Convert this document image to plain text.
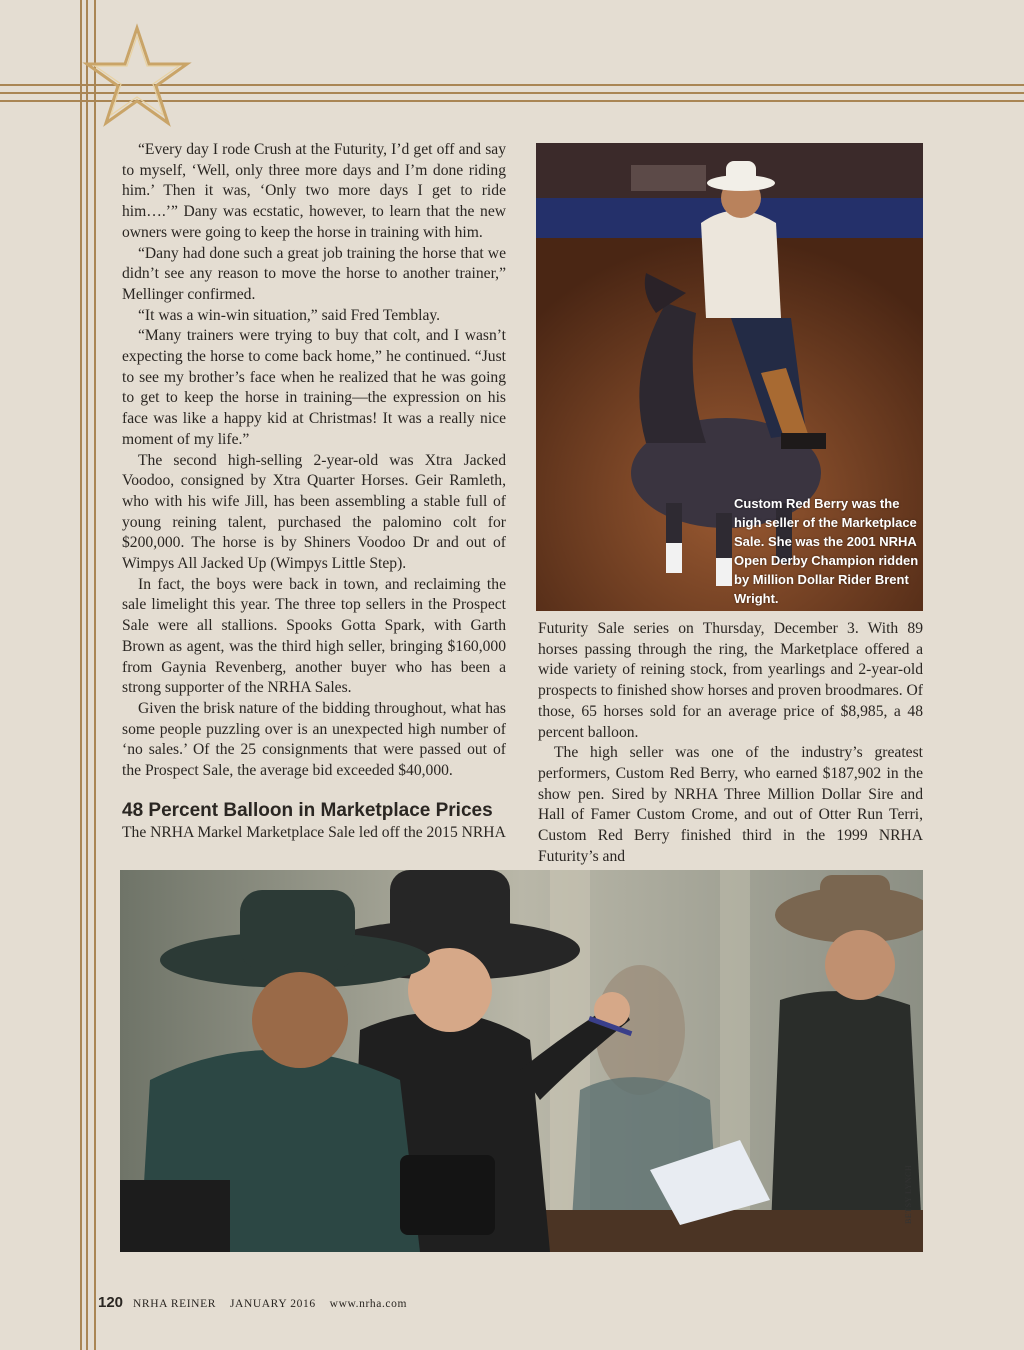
“Every day I rode Crush at the Futurity, I’d get off and say to myself, ‘Well, only three more days and I’m done riding him.’ Then it was, ‘Only two more days I get to ride him….’” Dany was ecstatic, however, to learn that the new owners were going to keep the horse in training with him.

“Dany had done such a great job training the horse that we didn’t see any reason to move the horse to another trainer,” Mellinger confirmed.

“It was a win-win situation,” said Fred Temblay.

“Many trainers were trying to buy that colt, and I wasn’t expecting the horse to come back home,” he continued. “Just to see my brother’s face when he realized that he was going to get to keep the horse in training—the expression on his face was like a happy kid at Christmas! It was a really nice moment of my life.”

The second high-selling 2-year-old was Xtra Jacked Voodoo, consigned by Xtra Quarter Horses. Geir Ramleth, who with his wife Jill, has been assembling a stable full of young reining talent, purchased the palomino colt for $200,000. The horse is by Shiners Voodoo Dr and out of Wimpys All Jacked Up (Wimpys Little Step).

In fact, the boys were back in town, and reclaiming the sale limelight this year. The three top sellers in the Prospect Sale were all stallions. Spooks Gotta Spark, with Garth Brown as agent, was the third high seller, bringing $160,000 from Gaynia Revenberg, another buyer who has been a strong supporter of the NRHA Sales.

Given the brisk nature of the bidding throughout, what has some people puzzling over is an unexpected high number of ‘no sales.’ Of the 25 consignments that were passed out of the Prospect Sale, the average bid exceeded $40,000.

48 Percent Balloon in Marketplace Prices

The NRHA Markel Marketplace Sale led off the 2015 NRHA

Custom Red Berry was the high seller of the Marketplace Sale. She was the 2001 NRHA Open Derby Champion ridden by Million Dollar Rider Brent Wright.

Futurity Sale series on Thursday, December 3. With 89 horses passing through the ring, the Marketplace offered a wide variety of reining stock, from yearlings and 2-year-old prospects to finished show horses and proven broodmares. Of those, 65 horses sold for an average price of $8,985, a 48 percent balloon.

The high seller was one of the industry’s greatest performers, Custom Red Berry, who earned $187,902 in the show pen. Sired by NRHA Three Million Dollar Sire and Hall of Famer Custom Crome, and out of Otter Run Terri, Custom Red Berry finished third in the 1999 NRHA Futurity’s and

BETSY LYNCH
120 NRHA REINER JANUARY 2016 www.nrha.com
